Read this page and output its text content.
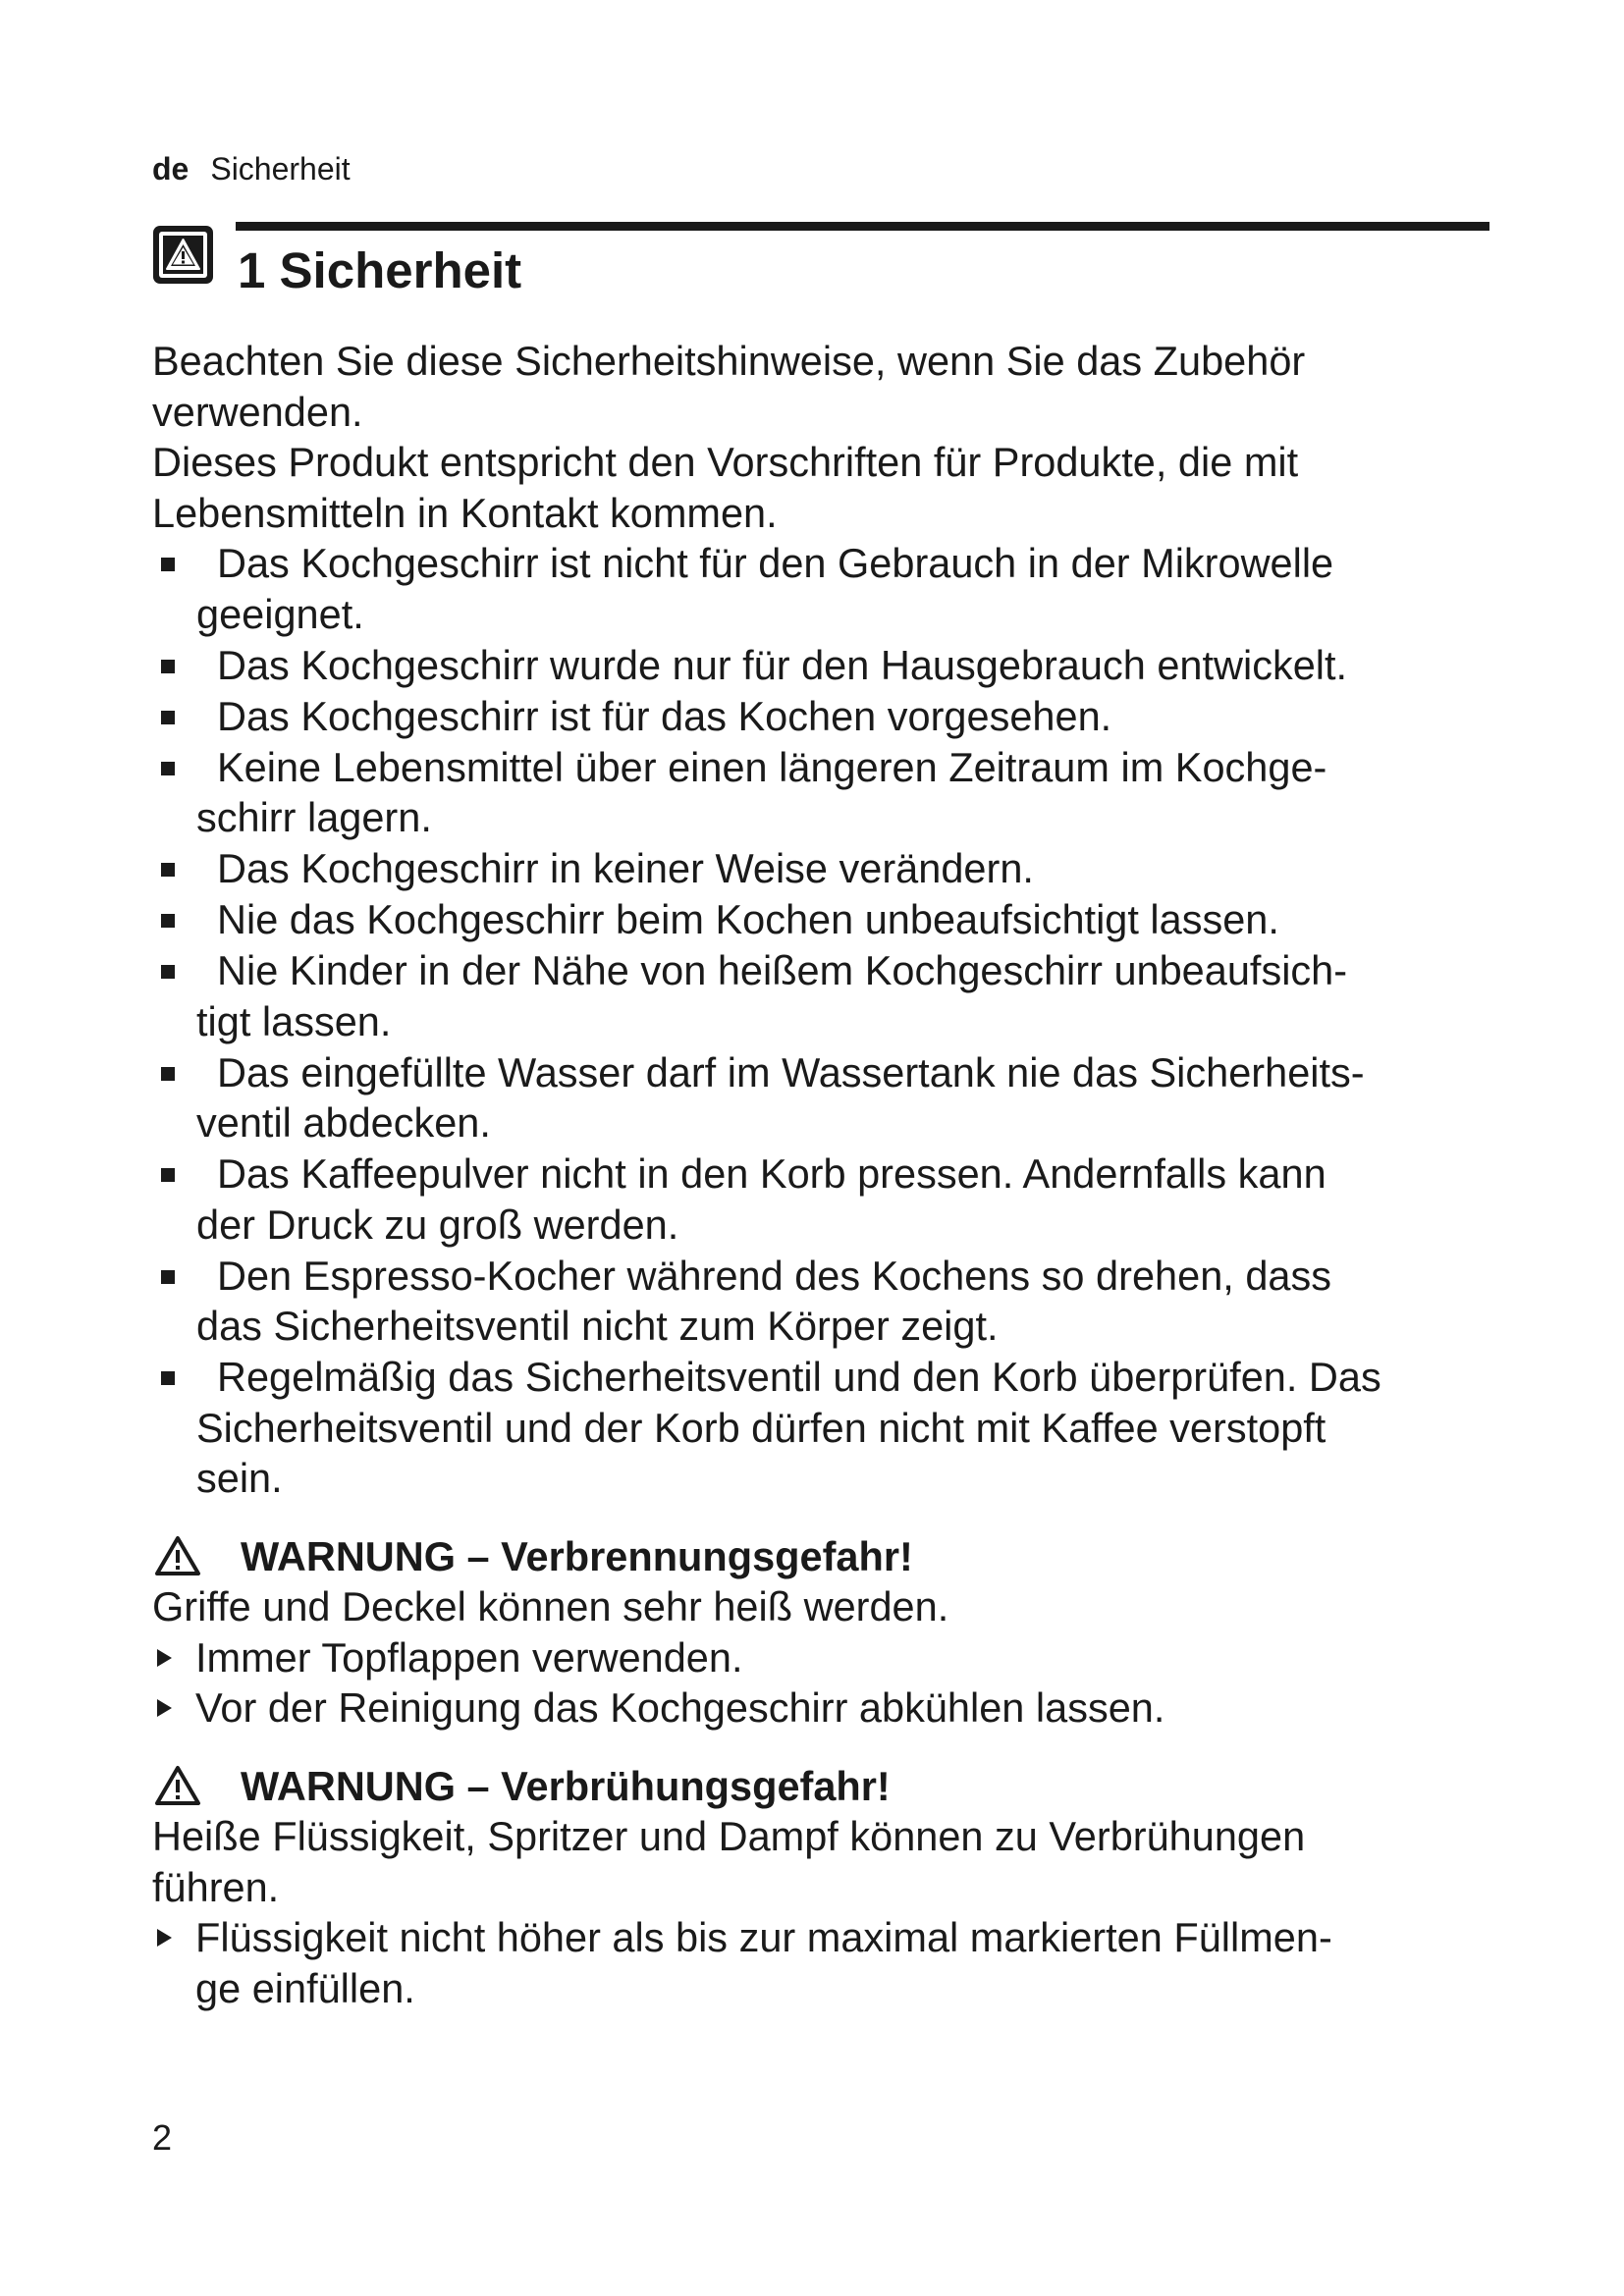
de Sicherheit
1 Sicherheit

Beachten Sie diese Sicherheitshinweise, wenn Sie das Zubehör

verwenden.

Dieses Produkt entspricht den Vorschriften für Produkte, die mit

Lebensmitteln in Kontakt kommen.

Das Kochgeschirr ist nicht für den Gebrauch in der Mikrowelle
geeignet.
Das Kochgeschirr wurde nur für den Hausgebrauch entwickelt.
Das Kochgeschirr ist für das Kochen vorgesehen.
Keine Lebensmittel über einen längeren Zeitraum im Kochge-
schirr lagern.
Das Kochgeschirr in keiner Weise verändern.
Nie das Kochgeschirr beim Kochen unbeaufsichtigt lassen.
Nie Kinder in der Nähe von heißem Kochgeschirr unbeaufsich-
tigt lassen.
Das eingefüllte Wasser darf im Wassertank nie das Sicherheits-
ventil abdecken.
Das Kaffeepulver nicht in den Korb pressen. Andernfalls kann
der Druck zu groß werden.
Den Espresso-Kocher während des Kochens so drehen, dass
das Sicherheitsventil nicht zum Körper zeigt.
Regelmäßig das Sicherheitsventil und den Korb überprüfen. Das
Sicherheitsventil und der Korb dürfen nicht mit Kaffee verstopft
sein.
WARNUNG – Verbrennungsgefahr!

Griffe und Deckel können sehr heiß werden.

Immer Topflappen verwenden.
Vor der Reinigung das Kochgeschirr abkühlen lassen.
WARNUNG – Verbrühungsgefahr!

Heiße Flüssigkeit, Spritzer und Dampf können zu Verbrühungen

führen.

Flüssigkeit nicht höher als bis zur maximal markierten Füllmen-
ge einfüllen.
2
